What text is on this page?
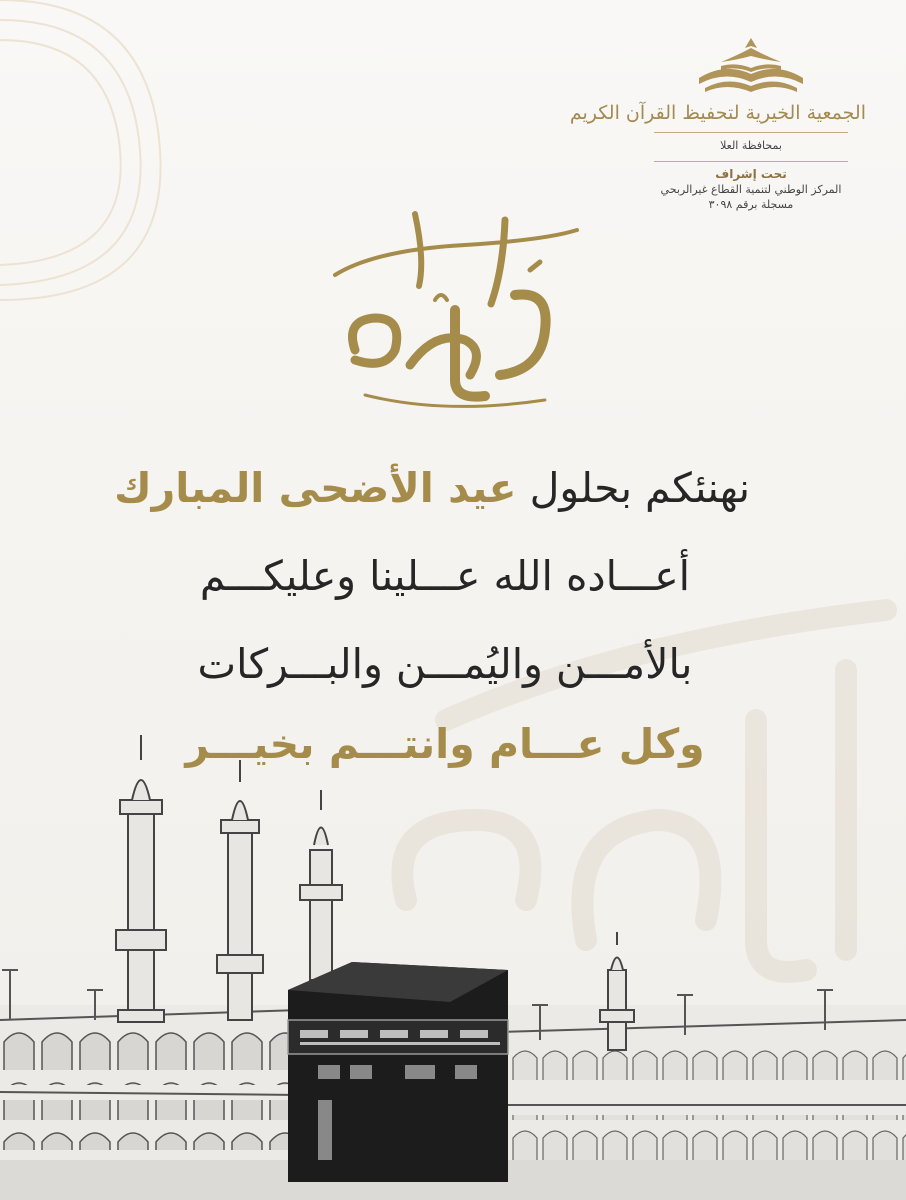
الجمعية الخيرية لتحفيظ القرآن الكريم
بمحافظة العلا
تحت إشراف
المركز الوطني لتنمية القطاع غيرالربحي
مسجلة برقم ٣٠٩٨
نهنئكم بحلول عيد الأضحى المبارك
أعـــاده الله عـــلينا وعليكـــم
بالأمـــن واليُمـــن والبـــركات
وكل عـــام وانتـــم بخيـــر
